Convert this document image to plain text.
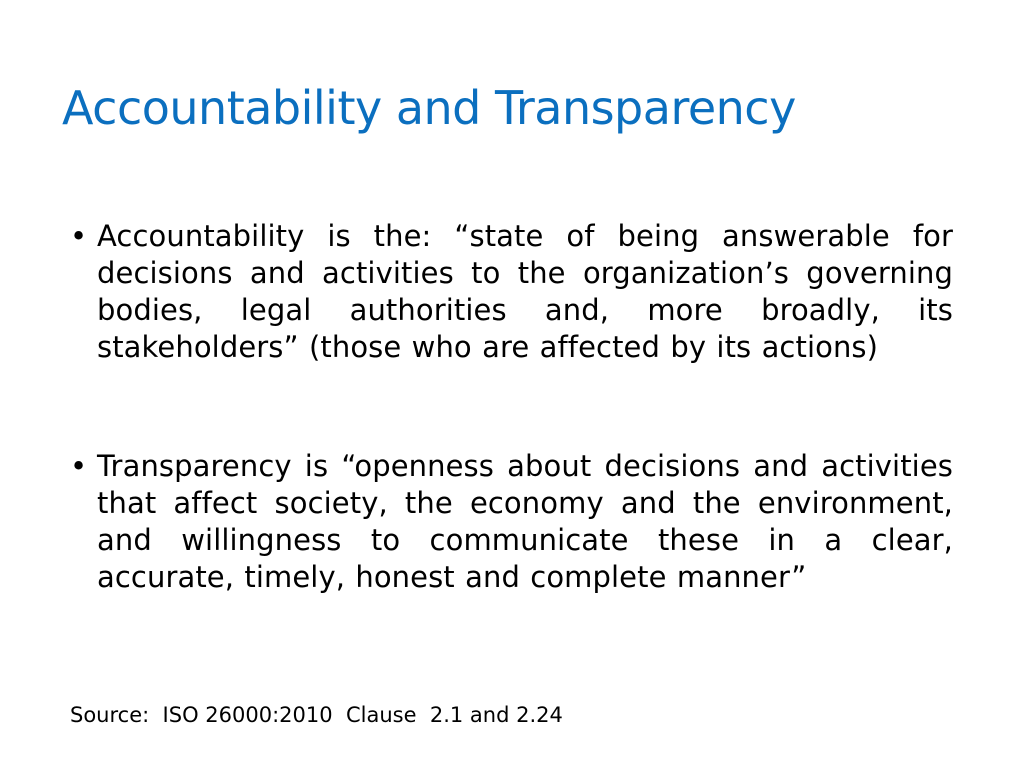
Accountability and Transparency
• Accountability is the: “state of being answerable for decisions and activities to the organization’s governing bodies, legal authorities and, more broadly, its stakeholders” (those who are affected by its actions)
• Transparency is “openness about decisions and activities that affect society, the economy and the environment, and willingness to communicate these in a clear, accurate, timely, honest and complete manner”
Source:  ISO 26000:2010  Clause  2.1 and 2.24
